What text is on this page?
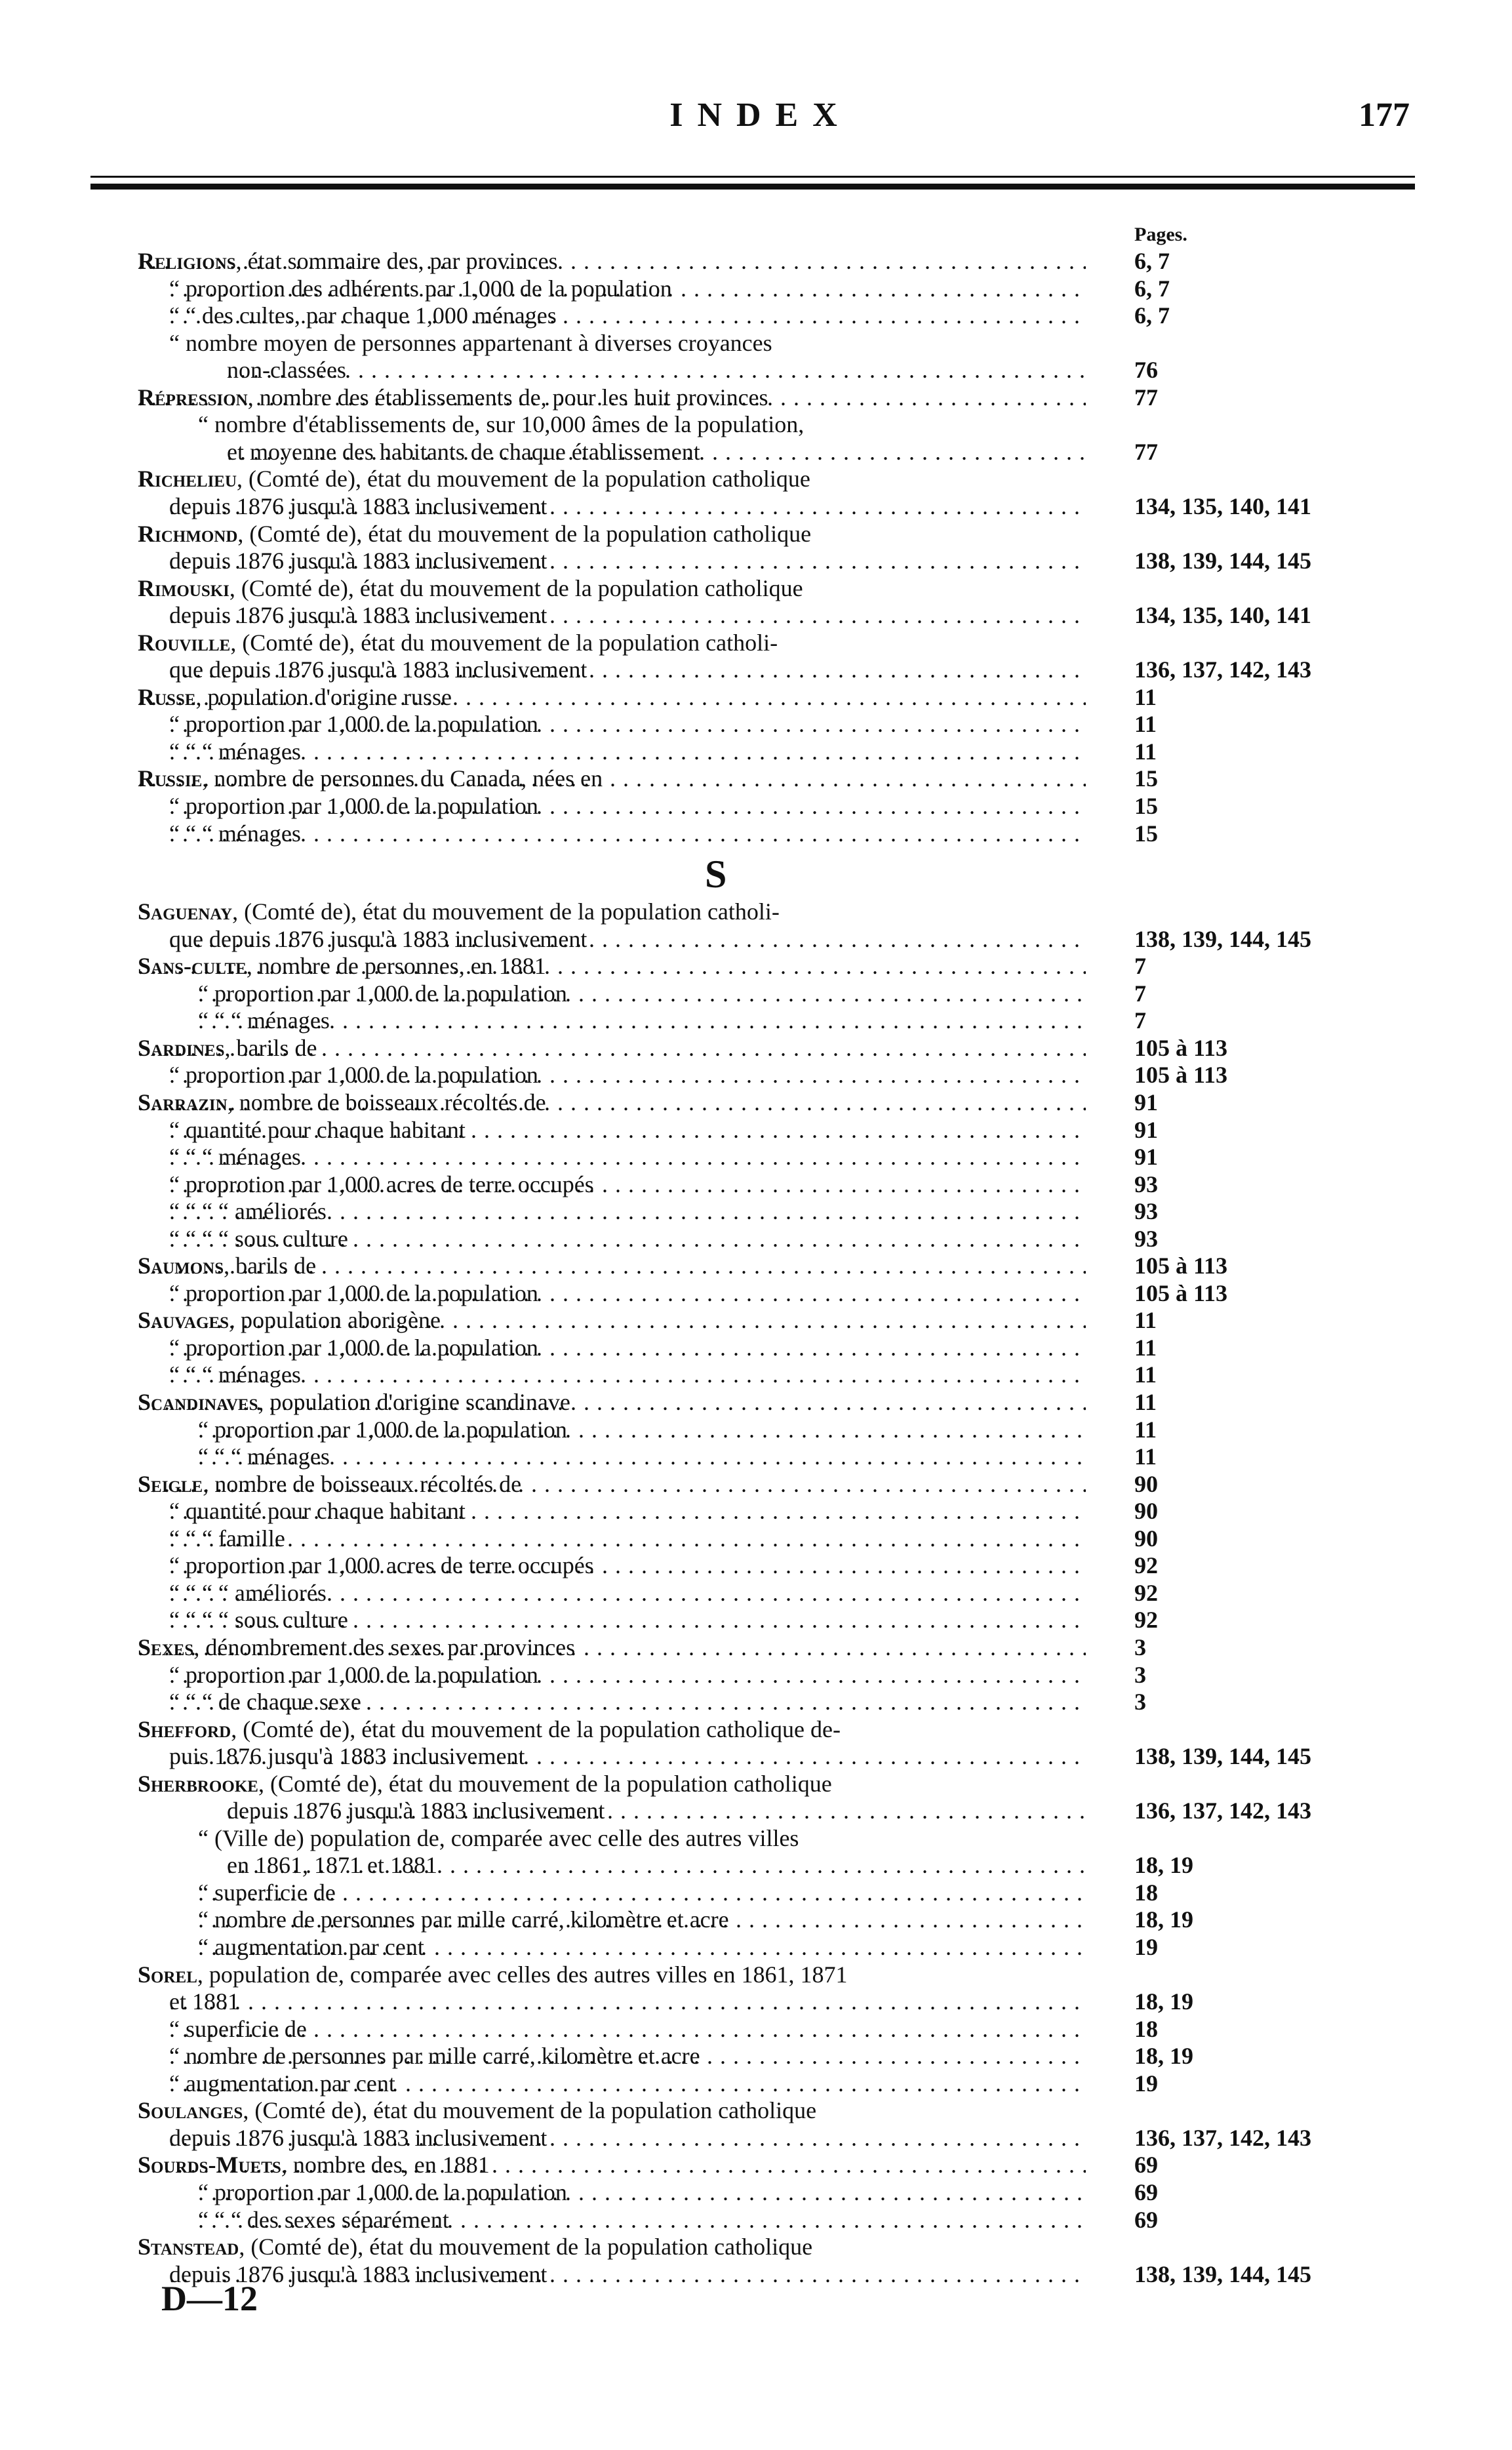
INDEX	177
Pages.
Religions, état sommaire des, par provinces . . .	6, 7
“ proportion des adhérents par 1,000 de la population . . .	6, 7
“ “ des cultes, par chaque 1,000 ménages . . .	6, 7
“ nombre moyen de personnes appartenant à diverses croyances
non-classées . . .	76
Répression, nombre des établissements de, pour les huit provinces . . .	77
“ nombre d'établissements de, sur 10,000 âmes de la population,
et moyenne des habitants de chaque établissement . . .	77
Richelieu, (Comté de), état du mouvement de la population catholique
depuis 1876 jusqu'à 1883 inclusivement . . .	134, 135, 140, 141
Richmond, (Comté de), état du mouvement de la population catholique
depuis 1876 jusqu'à 1883 inclusivement . . .	138, 139, 144, 145
Rimouski, (Comté de), état du mouvement de la population catholique
depuis 1876 jusqu'à 1883 inclusivement . . .	134, 135, 140, 141
Rouville, (Comté de), état du mouvement de la population catholi-
que depuis 1876 jusqu'à 1883 inclusivement . . .	136, 137, 142, 143
Russe, population d'origine russe . . .	11
“ proportion par 1,000 de la population . . .	11
“ “ “ ménages . . .	11
Russie, nombre de personnes du Canada, nées en . . .	15
“ proportion par 1,000 de la population . . .	15
“ “ “ ménages . . .	15
Saguenay, (Comté de), état du mouvement de la population catholi-
que depuis 1876 jusqu'à 1883 inclusivement . . .	138, 139, 144, 145
Sans-culte, nombre de personnes, en 1881 . . .	7
“ proportion par 1,000 de la population . . .	7
“ “ “ ménages . . .	7
Sardines, barils de . . .	105 à 113
“ proportion par 1,000 de la population . . .	105 à 113
Sarrazin, nombre de boisseaux récoltés de . . .	91
“ quantité pour chaque habitant . . .	91
“ “ “ ménages . . .	91
“ proprotion par 1,000 acres de terre occupés . . .	93
“ “ “ “ améliorés . . .	93
“ “ “ “ sous culture . . .	93
Saumons, barils de . . .	105 à 113
“ proportion par 1,000 de la population . . .	105 à 113
Sauvages, population aborigène . . .	11
“ proportion par 1,000 de la population . . .	11
“ “ “ ménages . . .	11
Scandinaves, population d'origine scandinave . . .	11
“ proportion par 1,000 de la population . . .	11
“ “ “ ménages . . .	11
Seigle, nombre de boisseaux récoltés de . . .	90
“ quantité pour chaque habitant . . .	90
“ “ “ famille . . .	90
“ proportion par 1,000 acres de terre occupés . . .	92
“ “ “ “ améliorés . . .	92
“ “ “ “ sous culture . . .	92
Sexes, dénombrement des sexes par provinces . . .	3
“ proportion par 1,000 de la population . . .	3
“ “ “ de chaque sexe . . .	3
Shefford, (Comté de), état du mouvement de la population catholique de-
puis 1876 jusqu'à 1883 inclusivement . . .	138, 139, 144, 145
Sherbrooke, (Comté de), état du mouvement de la population catholique
depuis 1876 jusqu'à 1883 inclusivement . . .	136, 137, 142, 143
“ (Ville de) population de, comparée avec celle des autres villes
en 1861, 1871 et 1881 . . .	18, 19
“ superficie de . . .	18
“ nombre de personnes par mille carré, kilomètre et acre . . .	18, 19
“ augmentation par cent . . .	19
Sorel, population de, comparée avec celles des autres villes en 1861, 1871
et 1881 . . .	18, 19
“ superficie de . . .	18
“ nombre de personnes par mille carré, kilomètre et acre . . .	18, 19
“ augmentation par cent . . .	19
Soulanges, (Comté de), état du mouvement de la population catholique
depuis 1876 jusqu'à 1883 inclusivement . . .	136, 137, 142, 143
Sourds-Muets, nombre des, en 1881 . . .	69
“ proportion par 1,000 de la population . . .	69
“ “ “ des sexes séparément . . .	69
Stanstead, (Comté de), état du mouvement de la population catholique
depuis 1876 jusqu'à 1883 inclusivement . . .	138, 139, 144, 145
S
D—12
